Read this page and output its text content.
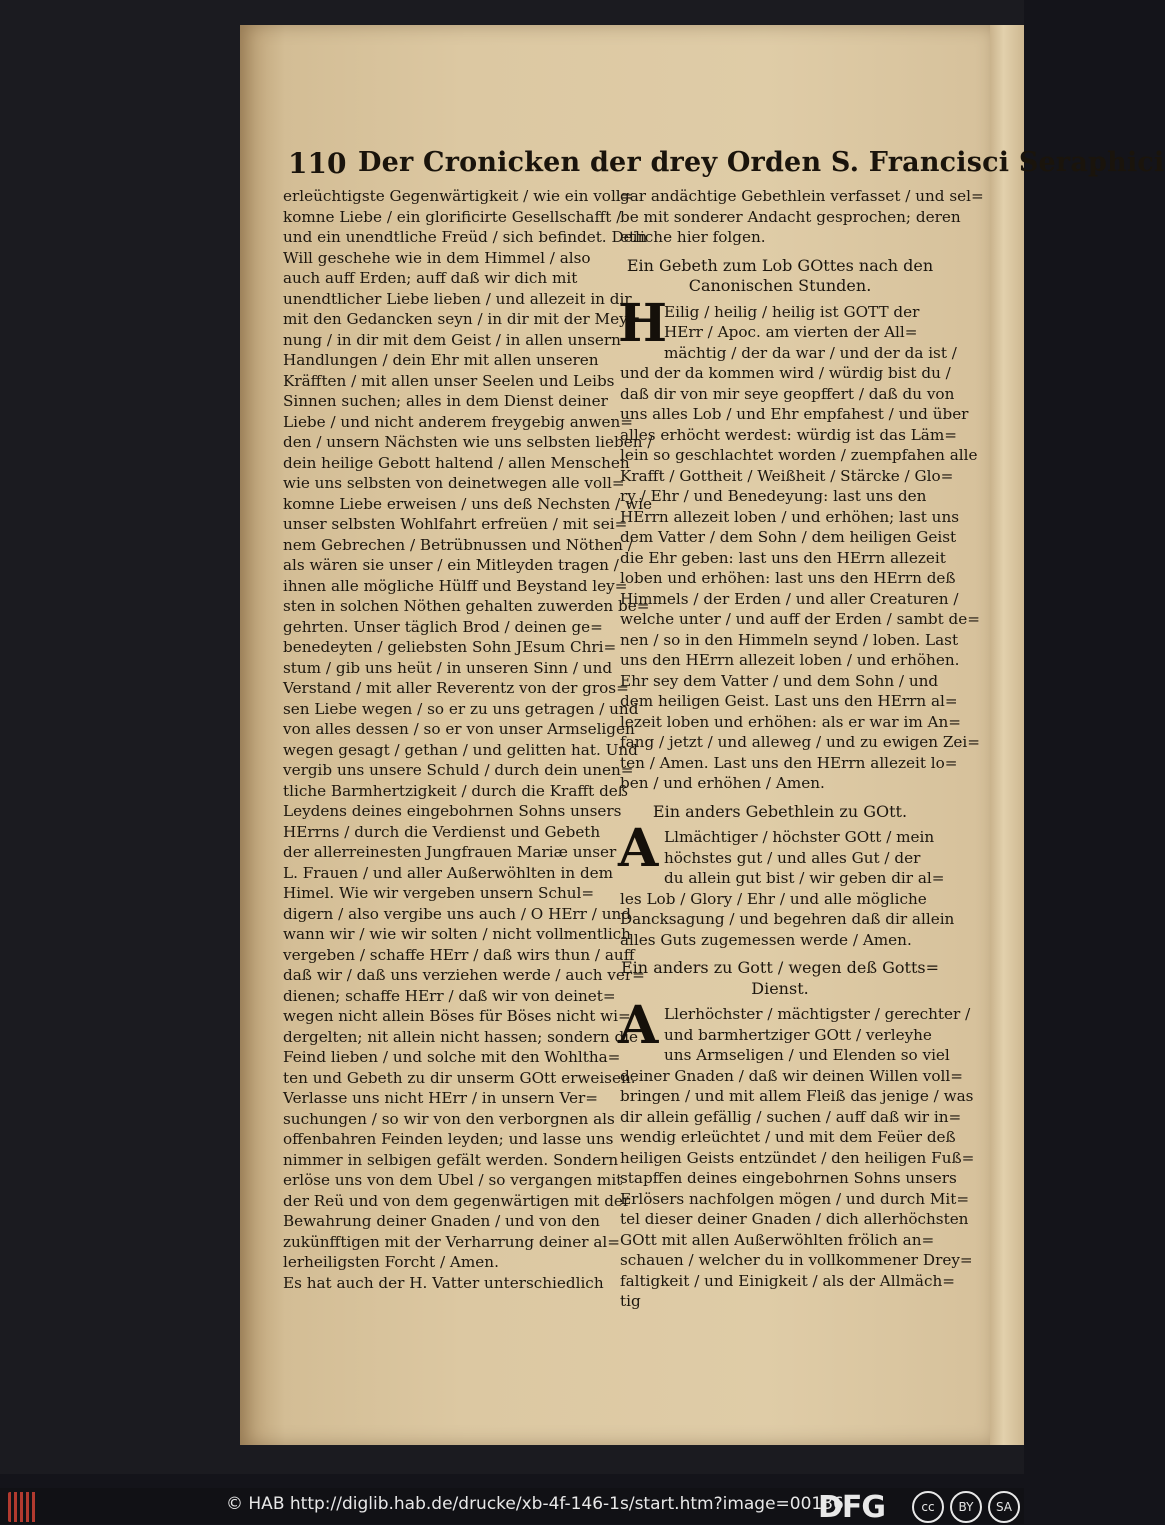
110 Der Cronicken der drey Orden S. Francisci Seraphici
erleüchtigste Gegenwärtigkeit / wie ein voll=
komne Liebe / ein glorificirte Gesellschafft /
und ein unendtliche Freüd / sich befindet. Dein
Will geschehe wie in dem Himmel / also
auch auff Erden; auff daß wir dich mit
unendtlicher Liebe lieben / und allezeit in dir
mit den Gedancken seyn / in dir mit der Mey=
nung / in dir mit dem Geist / in allen unsern
Handlungen / dein Ehr mit allen unseren
Kräfften / mit allen unser Seelen und Leibs
Sinnen suchen; alles in dem Dienst deiner
Liebe / und nicht anderem freygebig anwen=
den / unsern Nächsten wie uns selbsten lieben /
dein heilige Gebott haltend / allen Menschen
wie uns selbsten von deinetwegen alle voll=
komne Liebe erweisen / uns deß Nechsten / wie
unser selbsten Wohlfahrt erfreüen / mit sei=
nem Gebrechen / Betrübnussen und Nöthen /
als wären sie unser / ein Mitleyden tragen /
ihnen alle mögliche Hülff und Beystand ley=
sten in solchen Nöthen gehalten zuwerden be=
gehrten. Unser täglich Brod / deinen ge=
benedeyten / geliebsten Sohn JEsum Chri=
stum / gib uns heüt / in unseren Sinn / und
Verstand / mit aller Reverentz von der gros=
sen Liebe wegen / so er zu uns getragen / und
von alles dessen / so er von unser Armseligen
wegen gesagt / gethan / und gelitten hat. Und
vergib uns unsere Schuld / durch dein unen=
tliche Barmhertzigkeit / durch die Krafft deß
Leydens deines eingebohrnen Sohns unsers
HErrns / durch die Verdienst und Gebeth
der allerreinesten Jungfrauen Mariæ unser
L. Frauen / und aller Außerwöhlten in dem
Himel. Wie wir vergeben unsern Schul=
digern / also vergibe uns auch / O HErr / und
wann wir / wie wir solten / nicht vollmentlich
vergeben / schaffe HErr / daß wirs thun / auff
daß wir / daß uns verziehen werde / auch ver=
dienen; schaffe HErr / daß wir von deinet=
wegen nicht allein Böses für Böses nicht wi=
dergelten; nit allein nicht hassen; sondern die
Feind lieben / und solche mit den Wohltha=
ten und Gebeth zu dir unserm GOtt erweisen.
Verlasse uns nicht HErr / in unsern Ver=
suchungen / so wir von den verborgnen als
offenbahren Feinden leyden; und lasse uns
nimmer in selbigen gefält werden. Sondern
erlöse uns von dem Ubel / so vergangen mit
der Reü und von dem gegenwärtigen mit der
Bewahrung deiner Gnaden / und von den
zukünfftigen mit der Verharrung deiner al=
lerheiligsten Forcht / Amen.
Es hat auch der H. Vatter unterschiedlich
gar andächtige Gebethlein verfasset / und sel=
be mit sonderer Andacht gesprochen; deren
etliche hier folgen.
Ein Gebeth zum Lob GOttes nach den
Canonischen Stunden.
H
Eilig / heilig / heilig ist GOTT der
HErr / Apoc. am vierten der All=
mächtig / der da war / und der da ist /
und der da kommen wird / würdig bist du /
daß dir von mir seye geopffert / daß du von
uns alles Lob / und Ehr empfahest / und über
alles erhöcht werdest: würdig ist das Läm=
lein so geschlachtet worden / zuempfahen alle
Krafft / Gottheit / Weißheit / Stärcke / Glo=
ry / Ehr / und Benedeyung: last uns den
HErrn allezeit loben / und erhöhen; last uns
dem Vatter / dem Sohn / dem heiligen Geist
die Ehr geben: last uns den HErrn allezeit
loben und erhöhen: last uns den HErrn deß
Himmels / der Erden / und aller Creaturen /
welche unter / und auff der Erden / sambt de=
nen / so in den Himmeln seynd / loben. Last
uns den HErrn allezeit loben / und erhöhen.
Ehr sey dem Vatter / und dem Sohn / und
dem heiligen Geist. Last uns den HErrn al=
lezeit loben und erhöhen: als er war im An=
fang / jetzt / und alleweg / und zu ewigen Zei=
ten / Amen. Last uns den HErrn allezeit lo=
ben / und erhöhen / Amen.
Ein anders Gebethlein zu GOtt.
A Llmächtiger / höchster GOtt / mein
höchstes gut / und alles Gut / der
du allein gut bist / wir geben dir al=
les Lob / Glory / Ehr / und alle mögliche
Dancksagung / und begehren daß dir allein
alles Guts zugemessen werde / Amen.
Ein anders zu Gott / wegen deß Gotts=
Dienst.
A Llerhöchster / mächtigster / gerechter /
und barmhertziger GOtt / verleyhe
uns Armseligen / und Elenden so viel
deiner Gnaden / daß wir deinen Willen voll=
bringen / und mit allem Fleiß das jenige / was
dir allein gefällig / suchen / auff daß wir in=
wendig erleüchtet / und mit dem Feüer deß
heiligen Geists entzündet / den heiligen Fuß=
stapffen deines eingebohrnen Sohns unsers
Erlösers nachfolgen mögen / und durch Mit=
tel dieser deiner Gnaden / dich allerhöchsten
GOtt mit allen Außerwöhlten frölich an=
schauen / welcher du in vollkommener Drey=
faltigkeit / und Einigkeit / als der Allmäch=
tig
© HAB http://diglib.hab.de/drucke/xb-4f-146-1s/start.htm?image=00136
DFG	cc	BY	SA
